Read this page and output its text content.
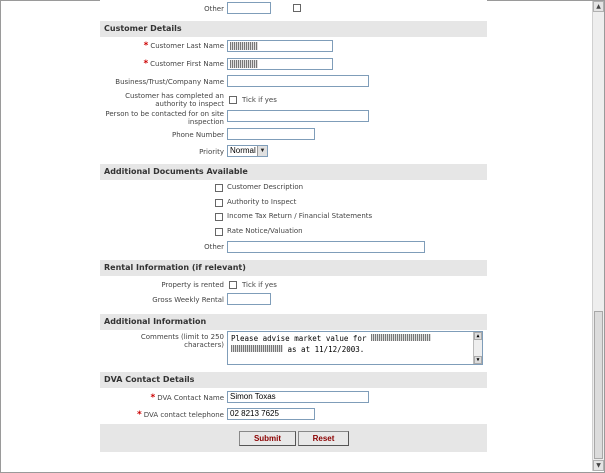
▲
▼
Other
Customer Details
* Customer Last Name
* Customer First Name
Business/Trust/Company Name
Customer has completed an
authority to inspect	Tick if yes
Person to be contacted for on site
inspection
Phone Number
Priority Normal ▼
Additional Documents Available
Customer Description
Authority to Inspect
Income Tax Return / Financial Statements
Rate Notice/Valuation
Other
Rental Information (if relevant)
Property is rented	Tick if yes
Gross Weekly Rental
Additional Information
Comments (limit to 250
characters)
Please advise market value for
as at 11/12/2003.
▲
▼
DVA Contact Details
* DVA Contact Name Simon Toxas
* DVA contact telephone 02 8213 7625
Submit	Reset
